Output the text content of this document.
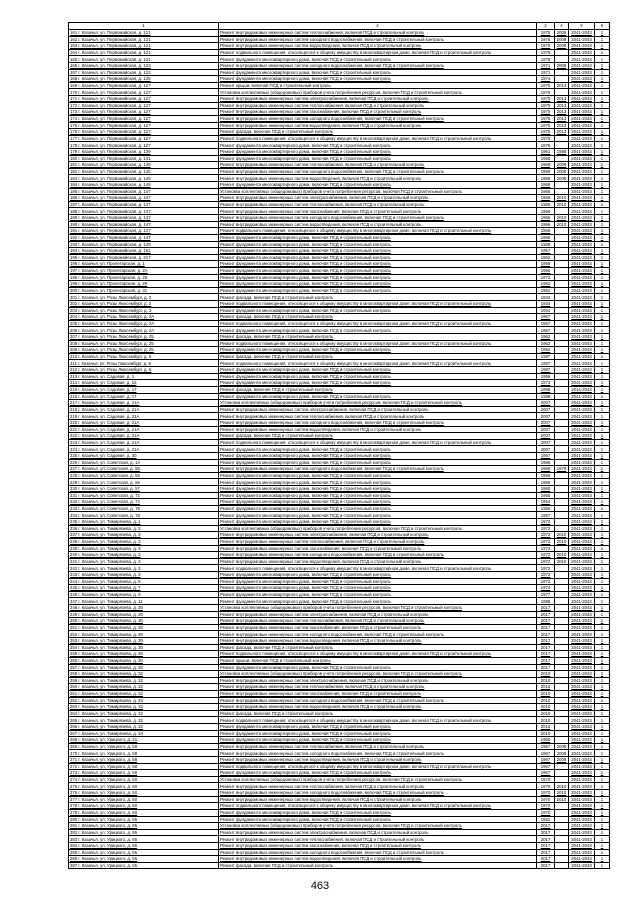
1	2	3	4	5	6
161 г. Казачья, ул. Первомайская, д. 121	Ремонт внутридомовых инженерных систем теплоснабжения, включая ПСД и строительный контроль	1975	2009	2041-2043	1
162 г. Казачья, ул. Первомайская, д. 121	Ремонт внутридомовых инженерных систем холодного водоснабжения, включая ПСД и строительный контроль	1975	2009	2041-2043	1
163 г. Казачья, ул. Первомайская, д. 121	Ремонт внутридомовых инженерных систем водоотведения, включая ПСД и строительный контроль	1975	2009	2041-2043	1
164 г. Казачья, ул. Первомайская, д. 121	Ремонт подвального помещения, относящегося к общему имуществу в многоквартирном доме, включая ПСД и строительный контроль	1975		2041-2043	1
165 г. Казачья, ул. Первомайская, д. 121	Ремонт фундамента многоквартирного дома, включая ПСД и строительный контроль	1975		2041-2043	1
166 г. Казачья, ул. Первомайская, д. 123	Ремонт внутридомовых инженерных систем холодного водоснабжения, включая ПСД и строительный контроль	1971	2009	2041-2043	1
167 г. Казачья, ул. Первомайская, д. 123	Ремонт фундамента многоквартирного дома, включая ПСД и строительный контроль	1971		2041-2043	1
168 г. Казачья, ул. Первомайская, д. 125	Ремонт фундамента многоквартирного дома, включая ПСД и строительный контроль	1974		2041-2043	1
169 г. Казачья, ул. Первомайская, д. 127	Ремонт крыши, включая ПСД и строительный контроль	1975	2013	2041-2043	1
170 г. Казачья, ул. Первомайская, д. 127	Установка коллективных (общедомовых) приборов учета потребления ресурсов, включая ПСД и строительный контроль	1975		2041-2043	1
171 г. Казачья, ул. Первомайская, д. 127	Ремонт внутридомовых инженерных систем электроснабжения, включая ПСД и строительный контроль	1975	2013	2041-2043	1
172 г. Казачья, ул. Первомайская, д. 127	Ремонт внутридомовых инженерных систем теплоснабжения, включая ПСД и строительный контроль	1975	2013	2041-2043	1
173 г. Казачья, ул. Первомайская, д. 127	Ремонт внутридомовых инженерных систем газоснабжения, включая ПСД и строительный контроль	1975	2013	2041-2043	1
174 г. Казачья, ул. Первомайская, д. 127	Ремонт внутридомовых инженерных систем холодного водоснабжения, включая ПСД и строительный контроль	1975	2013	2041-2043	1
175 г. Казачья, ул. Первомайская, д. 127	Ремонт внутридомовых инженерных систем водоотведения, включая ПСД и строительный контроль	1975	2013	2041-2043	1
176 г. Казачья, ул. Первомайская, д. 127	Ремонт фасада, включая ПСД и строительный контроль	1975	2013	2041-2043	1
177 г. Казачья, ул. Первомайская, д. 127	Ремонт подвального помещения, относящегося к общему имуществу в многоквартирном доме, включая ПСД и строительный контроль	1975		2041-2043	1
178 г. Казачья, ул. Первомайская, д. 127	Ремонт фундамента многоквартирного дома, включая ПСД и строительный контроль	1975		2041-2043	1
179 г. Казачья, ул. Первомайская, д. 139	Ремонт фундамента многоквартирного дома, включая ПСД и строительный контроль	1961	1988	2041-2043	1
180 г. Казачья, ул. Первомайская, д. 141	Ремонт фундамента многоквартирного дома, включая ПСД и строительный контроль	1968		2041-2043	1
181 г. Казачья, ул. Первомайская, д. 145	Ремонт внутридомовых инженерных систем теплоснабжения, включая ПСД и строительный контроль	1969	2009	2041-2043	1
182 г. Казачья, ул. Первомайская, д. 145	Ремонт внутридомовых инженерных систем холодного водоснабжения, включая ПСД и строительный контроль	1969	2009	2041-2043	1
183 г. Казачья, ул. Первомайская, д. 145	Ремонт внутридомовых инженерных систем водоотведения, включая ПСД и строительный контроль	1969	2009	2041-2043	1
184 г. Казачья, ул. Первомайская, д. 145	Ремонт фундамента многоквартирного дома, включая ПСД и строительный контроль	1969		2041-2043	1
185 г. Казачья, ул. Первомайская, д. 147	Установка коллективных (общедомовых) приборов учета потребления ресурсов, включая ПСД и строительный контроль	1966		2041-2043	1
186 г. Казачья, ул. Первомайская, д. 147	Ремонт внутридомовых инженерных систем электроснабжения, включая ПСД и строительный контроль	1966	2010	2041-2043	1
187 г. Казачья, ул. Первомайская, д. 147	Ремонт внутридомовых инженерных систем теплоснабжения, включая ПСД и строительный контроль	1966	2010	2041-2043	1
188 г. Казачья, ул. Первомайская, д. 147	Ремонт внутридомовых инженерных систем газоснабжения, включая ПСД и строительный контроль	1966		2041-2043	1
189 г. Казачья, ул. Первомайская, д. 147	Ремонт внутридомовых инженерных систем холодного водоснабжения, включая ПСД и строительный контроль	1966	2010	2041-2043	1
190 г. Казачья, ул. Первомайская, д. 147	Ремонт внутридомовых инженерных систем водоотведения, включая ПСД и строительный контроль	1966	2010	2041-2043	1
191 г. Казачья, ул. Первомайская, д. 147	Ремонт подвального помещения, относящегося к общему имуществу в многоквартирном доме, включая ПСД и строительный контроль	1966		2041-2043	1
192 г. Казачья, ул. Первомайская, д. 147	Ремонт фундамента многоквартирного дома, включая ПСД и строительный контроль	1966		2041-2043	1
193 г. Казачья, ул. Первомайская, д. 149	Ремонт фундамента многоквартирного дома, включая ПСД и строительный контроль	1968		2041-2043	1
194 г. Казачья, ул. Первомайская, д. 151	Ремонт фундамента многоквартирного дома, включая ПСД и строительный контроль	1957		2041-2043	1
195 г. Казачья, ул. Первомайская, д. 217	Ремонт фундамента многоквартирного дома, включая ПСД и строительный контроль	1962		2041-2043	1
196 г. Казачья, ул. Пролетарская, д. 1	Ремонт фундамента многоквартирного дома, включая ПСД и строительный контроль	1956		2041-2043	1
197 г. Казачья, ул. Пролетарская, д. 2А	Ремонт фундамента многоквартирного дома, включая ПСД и строительный контроль	1966		2041-2043	1
198 г. Казачья, ул. Пролетарская, д. 25	Ремонт фундамента многоквартирного дома, включая ПСД и строительный контроль	1972		2041-2043	1
199 г. Казачья, ул. Пролетарская, д. 29	Ремонт фундамента многоквартирного дома, включая ПСД и строительный контроль	1962		2041-2043	1
200 г. Казачья, ул. Пролетарская, д. 31	Ремонт фундамента многоквартирного дома, включая ПСД и строительный контроль	1962		2041-2043	1
201 г. Казачья, ул. Розы Люксембург, д. 2	Ремонт фасада, включая ПСД и строительный контроль	1934		2041-2043	1
202 г. Казачья, ул. Розы Люксембург, д. 2	Ремонт подвального помещения, относящегося к общему имуществу в многоквартирном доме, включая ПСД и строительный контроль	1934		2041-2043	1
203 г. Казачья, ул. Розы Люксембург, д. 2	Ремонт фундамента многоквартирного дома, включая ПСД и строительный контроль	1934		2041-2043	1
204 г. Казачья, ул. Розы Люксембург, д. 2А	Ремонт фасада, включая ПСД и строительный контроль	1967		2041-2043	1
205 г. Казачья, ул. Розы Люксембург, д. 2А	Ремонт подвального помещения, относящегося к общему имуществу в многоквартирном доме, включая ПСД и строительный контроль	1967		2041-2043	1
206 г. Казачья, ул. Розы Люксембург, д. 2А	Ремонт фундамента многоквартирного дома, включая ПСД и строительный контроль	1967		2041-2043	1
207 г. Казачья, ул. Розы Люксембург, д. 25	Ремонт фасада, включая ПСД и строительный контроль	1962		2041-2043	1
208 г. Казачья, ул. Розы Люксембург, д. 25	Ремонт подвального помещения, относящегося к общему имуществу в многоквартирном доме, включая ПСД и строительный контроль	1962		2041-2043	1
209 г. Казачья, ул. Розы Люксембург, д. 25	Ремонт фундамента многоквартирного дома, включая ПСД и строительный контроль	1962		2041-2043	1
210 г. Казачья, ул. Розы Люксембург, д. 6	Ремонт фасада, включая ПСД и строительный контроль	1987		2041-2043	1
211 г. Казачья, ул. Розы Люксембург, д. 6	Ремонт подвального помещения, относящегося к общему имуществу в многоквартирном доме, включая ПСД и строительный контроль	1987		2041-2043	1
212 г. Казачья, ул. Розы Люксембург, д. 6	Ремонт фундамента многоквартирного дома, включая ПСД и строительный контроль	1987		2041-2043	1
213 г. Казачья, ул. Садовая, д. 1	Ремонт фундамента многоквартирного дома, включая ПСД и строительный контроль	1959		2041-2043	1
214 г. Казачья, ул. Садовая, д. 15	Ремонт фундамента многоквартирного дома, включая ПСД и строительный контроль	1973		2041-2043	1
215 г. Казачья, ул. Садовая, д. 17	Ремонт фасада, включая ПСД и строительный контроль	1998		2014-2043	1
216 г. Казачья, ул. Садовая, д. 17	Ремонт фундамента многоквартирного дома, включая ПСД и строительный контроль	1998		2041-2043	1
217 г. Казачья, ул. Садовая, д. 21А	Установка коллективных (общедомовых) приборов учета потребления ресурсов, включая ПСД и строительный контроль	2007		2041-2043	1
218 г. Казачья, ул. Садовая, д. 21А	Ремонт внутридомовых инженерных систем электроснабжения, включая ПСД и строительный контроль	2007		2041-2043	1
219 г. Казачья, ул. Садовая, д. 21А	Ремонт внутридомовых инженерных систем теплоснабжения, включая ПСД и строительный контроль	2007		2041-2043	1
220 г. Казачья, ул. Садовая, д. 21А	Ремонт внутридомовых инженерных систем холодного водоснабжения, включая ПСД и строительный контроль	2007		2041-2043	1
221 г. Казачья, ул. Садовая, д. 21А	Ремонт внутридомовых инженерных систем водоотведения, включая ПСД и строительный контроль	2007		2041-2043	1
222 г. Казачья, ул. Садовая, д. 21А	Ремонт фасада, включая ПСД и строительный контроль	2007		2041-2043	1
223 г. Казачья, ул. Садовая, д. 21А	Ремонт подвального помещения, относящегося к общему имуществу в многоквартирном доме, включая ПСД и строительный контроль	2007		2041-2043	1
224 г. Казачья, ул. Садовая, д. 21А	Ремонт фундамента многоквартирного дома, включая ПСД и строительный контроль	2007		2041-2043	1
225 г. Казачья, ул. Садовая, д. 30	Ремонт фундамента многоквартирного дома, включая ПСД и строительный контроль	1957		2041-2043	1
226 г. Казачья, ул. Советская, д. 1А	Ремонт фундамента многоквартирного дома, включая ПСД и строительный контроль	1986		2041-2043	1
227 г. Казачья, ул. Советская, д. 55	Ремонт внутридомовых инженерных систем холодного водоснабжения, включая ПСД и строительный контроль	1955	1978	2041-2043	1
228 г. Казачья, ул. Советская, д. 55	Ремонт фундамента многоквартирного дома, включая ПСД и строительный контроль	1955		2041-2043	1
229 г. Казачья, ул. Советская, д. 56	Ремонт фундамента многоквартирного дома, включая ПСД и строительный контроль	1966		2041-2043	1
230 г. Казачья, ул. Советская, д. 57	Ремонт фундамента многоквартирного дома, включая ПСД и строительный контроль	1960		2041-2043	1
231 г. Казачья, ул. Советская, д. 72	Ремонт фундамента многоквартирного дома, включая ПСД и строительный контроль	1955		2041-2043	1
232 г. Казачья, ул. Советская, д. 74	Ремонт фундамента многоквартирного дома, включая ПСД и строительный контроль	1954		2041-2043	1
233 г. Казачья, ул. Советская, д. 76	Ремонт фундамента многоквартирного дома, включая ПСД и строительный контроль	1956		2041-2043	1
234 г. Казачья, ул. Советская, д. 78	Ремонт фундамента многоквартирного дома, включая ПСД и строительный контроль	1957		2041-2043	1
235 г. Казачья, ул. Тимирязева, д. 1	Ремонт фундамента многоквартирного дома, включая ПСД и строительный контроль	1972		2041-2043	1
236 г. Казачья, ул. Тимирязева, д. 3	Установка коллективных (общедомовых) приборов учета потребления ресурсов, включая ПСД и строительный контроль	1972		2041-2043	1
237 г. Казачья, ул. Тимирязева, д. 3	Ремонт внутридомовых инженерных систем электроснабжения, включая ПСД и строительный контроль	1972	2010	2041-2043	1
238 г. Казачья, ул. Тимирязева, д. 3	Ремонт внутридомовых инженерных систем теплоснабжения, включая ПСД и строительный контроль	1972	2010	2041-2043	1
239 г. Казачья, ул. Тимирязева, д. 3	Ремонт внутридомовых инженерных систем газоснабжения, включая ПСД и строительный контроль	1972		2041-2043	1
240 г. Казачья, ул. Тимирязева, д. 3	Ремонт внутридомовых инженерных систем холодного водоснабжения, включая ПСД и строительный контроль	1972	2010	2041-2043	1
241 г. Казачья, ул. Тимирязева, д. 3	Ремонт внутридомовых инженерных систем водоотведения, включая ПСД и строительный контроль	1972	2010	2041-2043	1
242 г. Казачья, ул. Тимирязева, д. 3	Ремонт подвального помещения, относящегося к общему имуществу в многоквартирном доме, включая ПСД и строительный контроль	1972		2041-2043	1
243 г. Казачья, ул. Тимирязева, д. 3	Ремонт фундамента многоквартирного дома, включая ПСД и строительный контроль	1972		2041-2043	1
244 г. Казачья, ул. Тимирязева, д. 5	Ремонт фундамента многоквартирного дома, включая ПСД и строительный контроль	1972		2041-2043	1
245 г. Казачья, ул. Тимирязева, д. 7	Ремонт фундамента многоквартирного дома, включая ПСД и строительный контроль	1974		2041-2043	1
246 г. Казачья, ул. Тимирязева, д. 9	Ремонт фундамента многоквартирного дома, включая ПСД и строительный контроль	1977		2041-2043	1
247 г. Казачья, ул. Тимирязева, д. 11	Ремонт фундамента многоквартирного дома, включая ПСД и строительный контроль	1985		2041-2043	1
248 г. Казачья, ул. Тимирязева, д. 30	Установка коллективных (общедомовых) приборов учета потребления ресурсов, включая ПСД и строительный контроль	2017		2041-2043	1
249 г. Казачья, ул. Тимирязева, д. 30	Ремонт внутридомовых инженерных систем электроснабжения, включая ПСД и строительный контроль	2017		2041-2043	1
250 г. Казачья, ул. Тимирязева, д. 30	Ремонт внутридомовых инженерных систем теплоснабжения, включая ПСД и строительный контроль	2017		2041-2043	1
251 г. Казачья, ул. Тимирязева, д. 30	Ремонт внутридомовых инженерных систем газоснабжения, включая ПСД и строительный контроль	2017		2041-2043	1
252 г. Казачья, ул. Тимирязева, д. 30	Ремонт внутридомовых инженерных систем холодного водоснабжения, включая ПСД и строительный контроль	2017		2041-2043	1
253 г. Казачья, ул. Тимирязева, д. 30	Ремонт внутридомовых инженерных систем водоотведения, включая ПСД и строительный контроль	2017		2041-2043	1
254 г. Казачья, ул. Тимирязева, д. 30	Ремонт фасада, включая ПСД и строительный контроль	2017		2041-2043	1
255 г. Казачья, ул. Тимирязева, д. 30	Ремонт подвального помещения, относящегося к общему имуществу в многоквартирном доме, включая ПСД и строительный контроль	2017		2041-2043	1
256 г. Казачья, ул. Тимирязева, д. 30	Ремонт крыши, включая ПСД и строительный контроль	2017		2041-2043	1
257 г. Казачья, ул. Тимирязева, д. 30	Ремонт фундамента многоквартирного дома, включая ПСД и строительный контроль	2017		2041-2043	1
258 г. Казачья, ул. Тимирязева, д. 32	Установка коллективных (общедомовых) приборов учета потребления ресурсов, включая ПСД и строительный контроль	2010		2041-2043	1
259 г. Казачья, ул. Тимирязева, д. 32	Ремонт внутридомовых инженерных систем электроснабжения, включая ПСД и строительный контроль	2010		2041-2043	1
260 г. Казачья, ул. Тимирязева, д. 32	Ремонт внутридомовых инженерных систем теплоснабжения, включая ПСД и строительный контроль	2010		2041-2043	1
261 г. Казачья, ул. Тимирязева, д. 32	Ремонт внутридомовых инженерных систем газоснабжения, включая ПСД и строительный контроль	2010		2041-2043	1
262 г. Казачья, ул. Тимирязева, д. 32	Ремонт внутридомовых инженерных систем холодного водоснабжения, включая ПСД и строительный контроль	2010		2041-2043	1
263 г. Казачья, ул. Тимирязева, д. 32	Ремонт внутридомовых инженерных систем водоотведения, включая ПСД и строительный контроль	2010		2041-2043	1
264 г. Казачья, ул. Тимирязева, д. 32	Ремонт фасада, включая ПСД и строительный контроль	2010		2041-2043	1
265 г. Казачья, ул. Тимирязева, д. 32	Ремонт подвального помещения, относящегося к общему имуществу в многоквартирном доме, включая ПСД и строительный контроль	2010		2041-2043	1
266 г. Казачья, ул. Тимирязева, д. 32	Ремонт фундамента многоквартирного дома, включая ПСД и строительный контроль	2010		2041-2043	1
267 г. Казачья, ул. Тимирязева, д. 34	Ремонт фундамента многоквартирного дома, включая ПСД и строительный контроль	2010		2041-2043	1
268 г. Казачья, ул. Урицкого, д. 21	Ремонт фундамента многоквартирного дома, включая ПСД и строительный контроль	1960		2041-2043	1
269 г. Казачья, ул. Урицкого, д. 58	Ремонт внутридомовых инженерных систем теплоснабжения, включая ПСД и строительный контроль	1967	2009	2041-2043	1
270 г. Казачья, ул. Урицкого, д. 58	Ремонт внутридомовых инженерных систем холодного водоснабжения, включая ПСД и строительный контроль	1967	2009	2041-2043	1
271 г. Казачья, ул. Урицкого, д. 58	Ремонт внутридомовых инженерных систем водоотведения, включая ПСД и строительный контроль	1967	2009	2041-2043	1
272 г. Казачья, ул. Урицкого, д. 58	Ремонт подвального помещения, относящегося к общему имуществу в многоквартирном доме, включая ПСД и строительный контроль	1967		2041-2043	1
273 г. Казачья, ул. Урицкого, д. 58	Ремонт фундамента многоквартирного дома, включая ПСД и строительный контроль	1967		2041-2043	1
274 г. Казачья, ул. Урицкого, д. 60	Установка коллективных (общедомовых) приборов учета потребления ресурсов, включая ПСД и строительный контроль	1970		2041-2043	1
275 г. Казачья, ул. Урицкого, д. 60	Ремонт внутридомовых инженерных систем теплоснабжения, включая ПСД и строительный контроль	1970	2010	2041-2043	1
276 г. Казачья, ул. Урицкого, д. 60	Ремонт внутридомовых инженерных систем холодного водоснабжения, включая ПСД и строительный контроль	1970	2010	2041-2043	1
277 г. Казачья, ул. Урицкого, д. 60	Ремонт внутридомовых инженерных систем водоотведения, включая ПСД и строительный контроль	1970	2010	2041-2043	1
278 г. Казачья, ул. Урицкого, д. 60	Ремонт подвального помещения, относящегося к общему имуществу в многоквартирном доме, включая ПСД и строительный контроль	1970		2041-2043	1
279 г. Казачья, ул. Урицкого, д. 60	Ремонт фундамента многоквартирного дома, включая ПСД и строительный контроль	1970		2041-2043	1
280 г. Казачья, ул. Урицкого, д. 65	Ремонт фундамента многоквартирного дома, включая ПСД и строительный контроль	1962		2041-2043	1
281 г. Казачья, ул. Урицкого, д. 65	Установка коллективных (общедомовых) приборов учета потребления ресурсов, включая ПСД и строительный контроль	2017		2041-2043	1
282 г. Казачья, ул. Урицкого, д. 65	Ремонт внутридомовых инженерных систем электроснабжения, включая ПСД и строительный контроль	2017		2041-2043	1
283 г. Казачья, ул. Урицкого, д. 65	Ремонт внутридомовых инженерных систем теплоснабжения, включая ПСД и строительный контроль	2017		2041-2043	1
284 г. Казачья, ул. Урицкого, д. 65	Ремонт внутридомовых инженерных систем газоснабжения, включая ПСД и строительный контроль	2017		2041-2043	1
285 г. Казачья, ул. Урицкого, д. 65	Ремонт внутридомовых инженерных систем холодного водоснабжения, включая ПСД и строительный контроль	2017		2041-2043	1
286 г. Казачья, ул. Урицкого, д. 65	Ремонт внутридомовых инженерных систем водоотведения, включая ПСД и строительный контроль	2017		2041-2043	1
287 г. Казачья, ул. Урицкого, д. 65	Ремонт фасада, включая ПСД и строительный контроль	2017		2041-2043	1
463
